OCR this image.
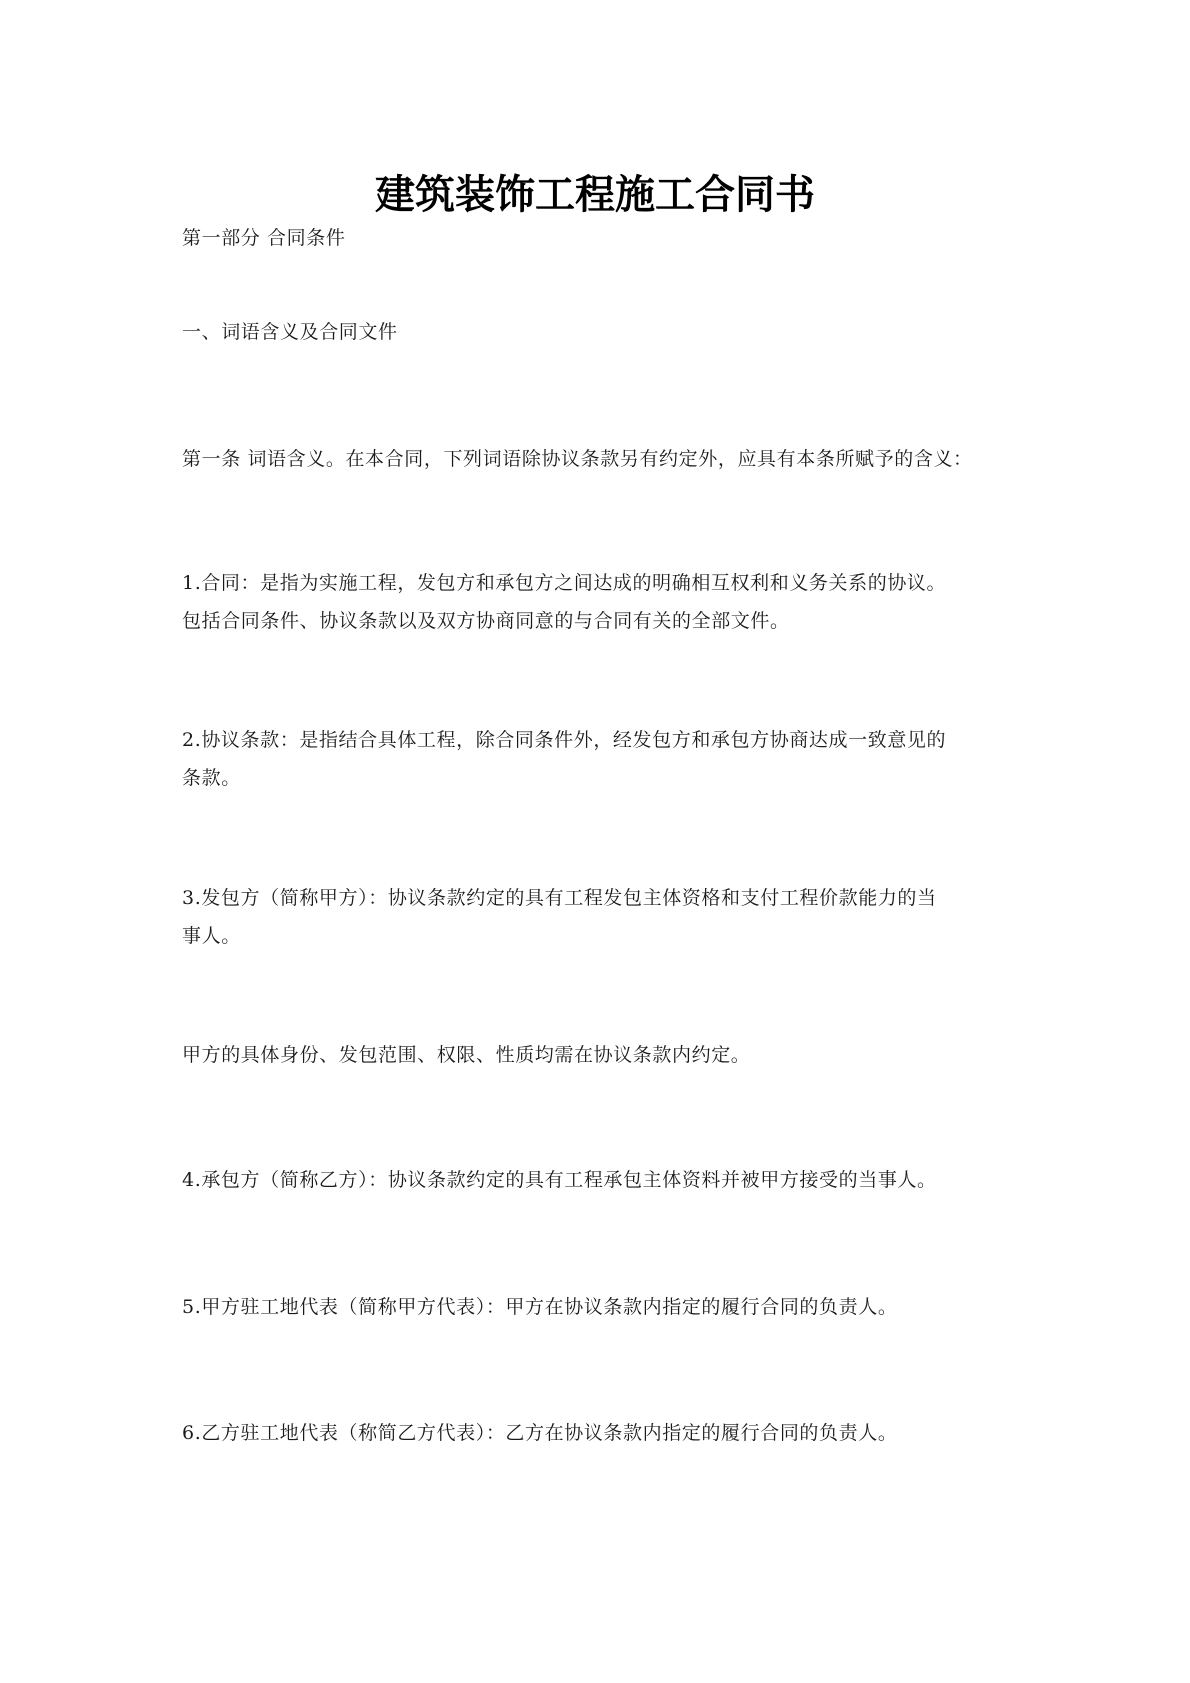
建筑装饰工程施工合同书
第一部分 合同条件
一、词语含义及合同文件
第一条 词语含义。在本合同，下列词语除协议条款另有约定外，应具有本条所赋予的含义：
1.合同：是指为实施工程，发包方和承包方之间达成的明确相互权利和义务关系的协议。
包括合同条件、协议条款以及双方协商同意的与合同有关的全部文件。
2.协议条款：是指结合具体工程，除合同条件外，经发包方和承包方协商达成一致意见的
条款。
3.发包方（简称甲方）：协议条款约定的具有工程发包主体资格和支付工程价款能力的当
事人。
甲方的具体身份、发包范围、权限、性质均需在协议条款内约定。
4.承包方（简称乙方）：协议条款约定的具有工程承包主体资料并被甲方接受的当事人。
5.甲方驻工地代表（简称甲方代表）：甲方在协议条款内指定的履行合同的负责人。
6.乙方驻工地代表（称简乙方代表）：乙方在协议条款内指定的履行合同的负责人。
